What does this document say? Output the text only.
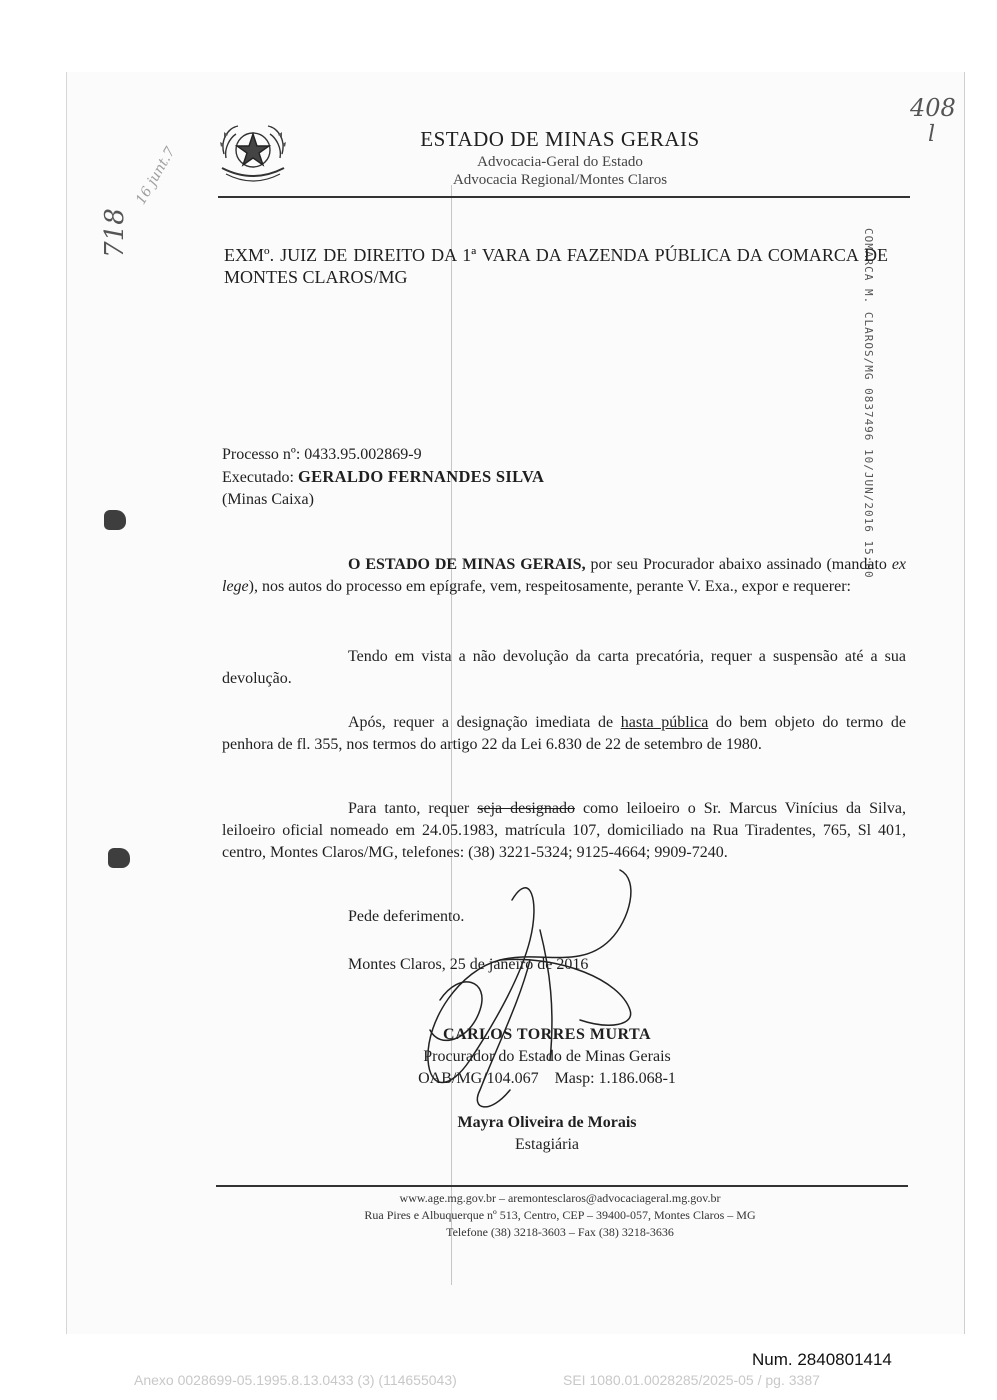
ESTADO DE MINAS GERAIS
Advocacia-Geral do Estado
Advocacia Regional/Montes Claros
408
l
718
16 junt.7
COMARCA M. CLAROS/MG 0837496 10/JUN/2016 15:00
EXMº. JUIZ DE DIREITO DA 1ª VARA DA FAZENDA PÚBLICA DA COMARCA DE MONTES CLAROS/MG
Processo nº: 0433.95.002869-9
Executado: GERALDO FERNANDES SILVA
(Minas Caixa)
O ESTADO DE MINAS GERAIS, por seu Procurador abaixo assinado (mandato ex lege), nos autos do processo em epígrafe, vem, respeitosamente, perante V. Exa., expor e requerer:
Tendo em vista a não devolução da carta precatória, requer a suspensão até a sua devolução.
Após, requer a designação imediata de hasta pública do bem objeto do termo de penhora de fl. 355, nos termos do artigo 22 da Lei 6.830 de 22 de setembro de 1980.
Para tanto, requer seja designado como leiloeiro o Sr. Marcus Vinícius da Silva, leiloeiro oficial nomeado em 24.05.1983, matrícula 107, domiciliado na Rua Tiradentes, 765, Sl 401, centro, Montes Claros/MG, telefones: (38) 3221-5324; 9125-4664; 9909-7240.
Pede deferimento.
Montes Claros, 25 de janeiro de 2016
CARLOS TORRES MURTA
Procurador do Estado de Minas Gerais
OAB/MG/104.067 Masp: 1.186.068-1
Mayra Oliveira de Morais
Estagiária
www.age.mg.gov.br – aremontesclaros@advocaciageral.mg.gov.br
Rua Pires e Albuquerque nº 513, Centro, CEP – 39400-057, Montes Claros – MG
Telefone (38) 3218-3603 – Fax (38) 3218-3636
Num. 2840801414
Anexo 0028699-05.1995.8.13.0433 (3) (114655043)	SEI 1080.01.0028285/2025-05 / pg. 3387
